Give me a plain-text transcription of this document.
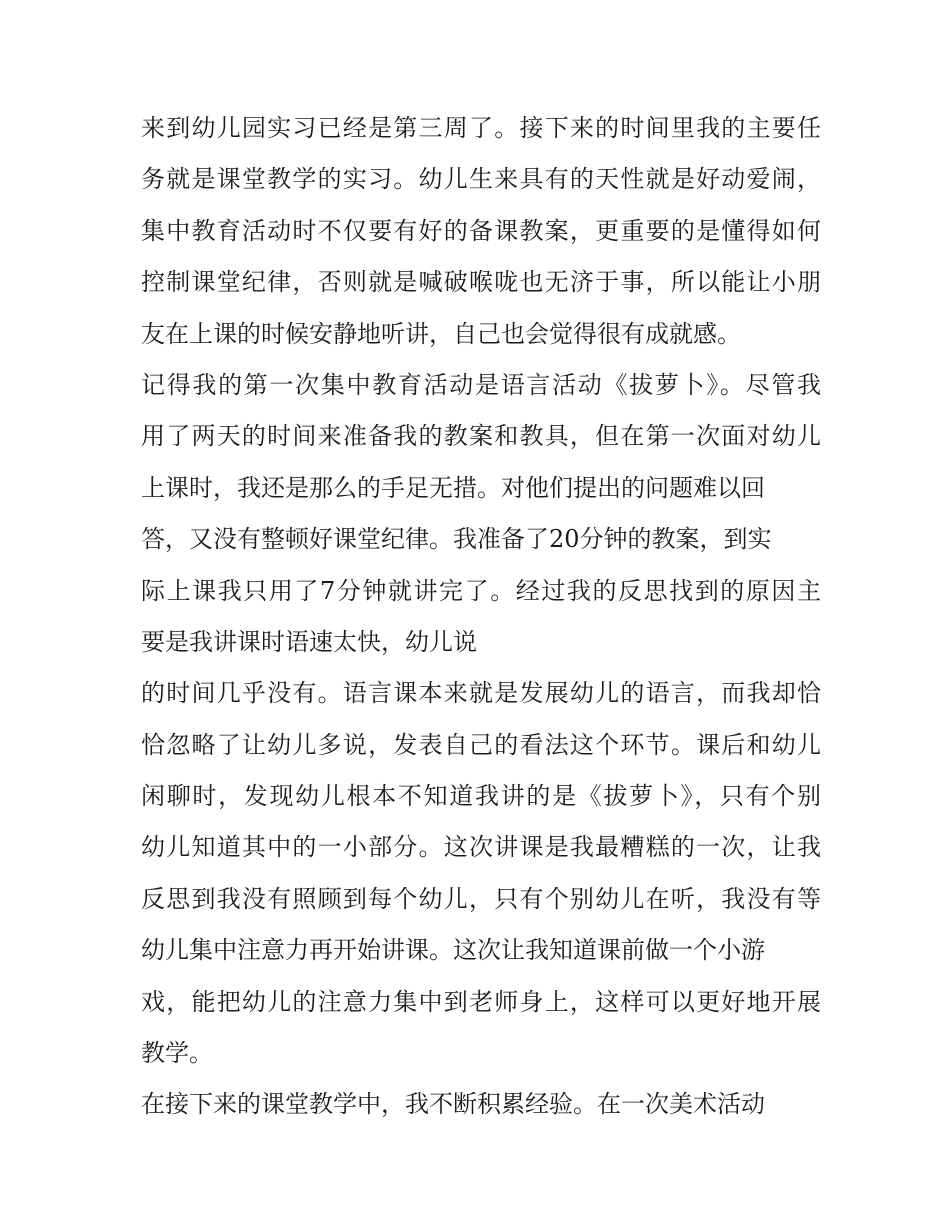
来到幼儿园实习已经是第三周了。接下来的时间里我的主要任
务就是课堂教学的实习。幼儿生来具有的天性就是好动爱闹，
集中教育活动时不仅要有好的备课教案，更重要的是懂得如何
控制课堂纪律，否则就是喊破喉咙也无济于事，所以能让小朋
友在上课的时候安静地听讲，自己也会觉得很有成就感。
记得我的第一次集中教育活动是语言活动《拔萝卜》。尽管我
用了两天的时间来准备我的教案和教具，但在第一次面对幼儿
上课时，我还是那么的手足无措。对他们提出的问题难以回
答，又没有整顿好课堂纪律。我准备了20分钟的教案，到实
际上课我只用了7分钟就讲完了。经过我的反思找到的原因主
要是我讲课时语速太快，幼儿说
的时间几乎没有。语言课本来就是发展幼儿的语言，而我却恰
恰忽略了让幼儿多说，发表自己的看法这个环节。课后和幼儿
闲聊时，发现幼儿根本不知道我讲的是《拔萝卜》，只有个别
幼儿知道其中的一小部分。这次讲课是我最糟糕的一次，让我
反思到我没有照顾到每个幼儿，只有个别幼儿在听，我没有等
幼儿集中注意力再开始讲课。这次让我知道课前做一个小游
戏，能把幼儿的注意力集中到老师身上，这样可以更好地开展
教学。
在接下来的课堂教学中，我不断积累经验。在一次美术活动
